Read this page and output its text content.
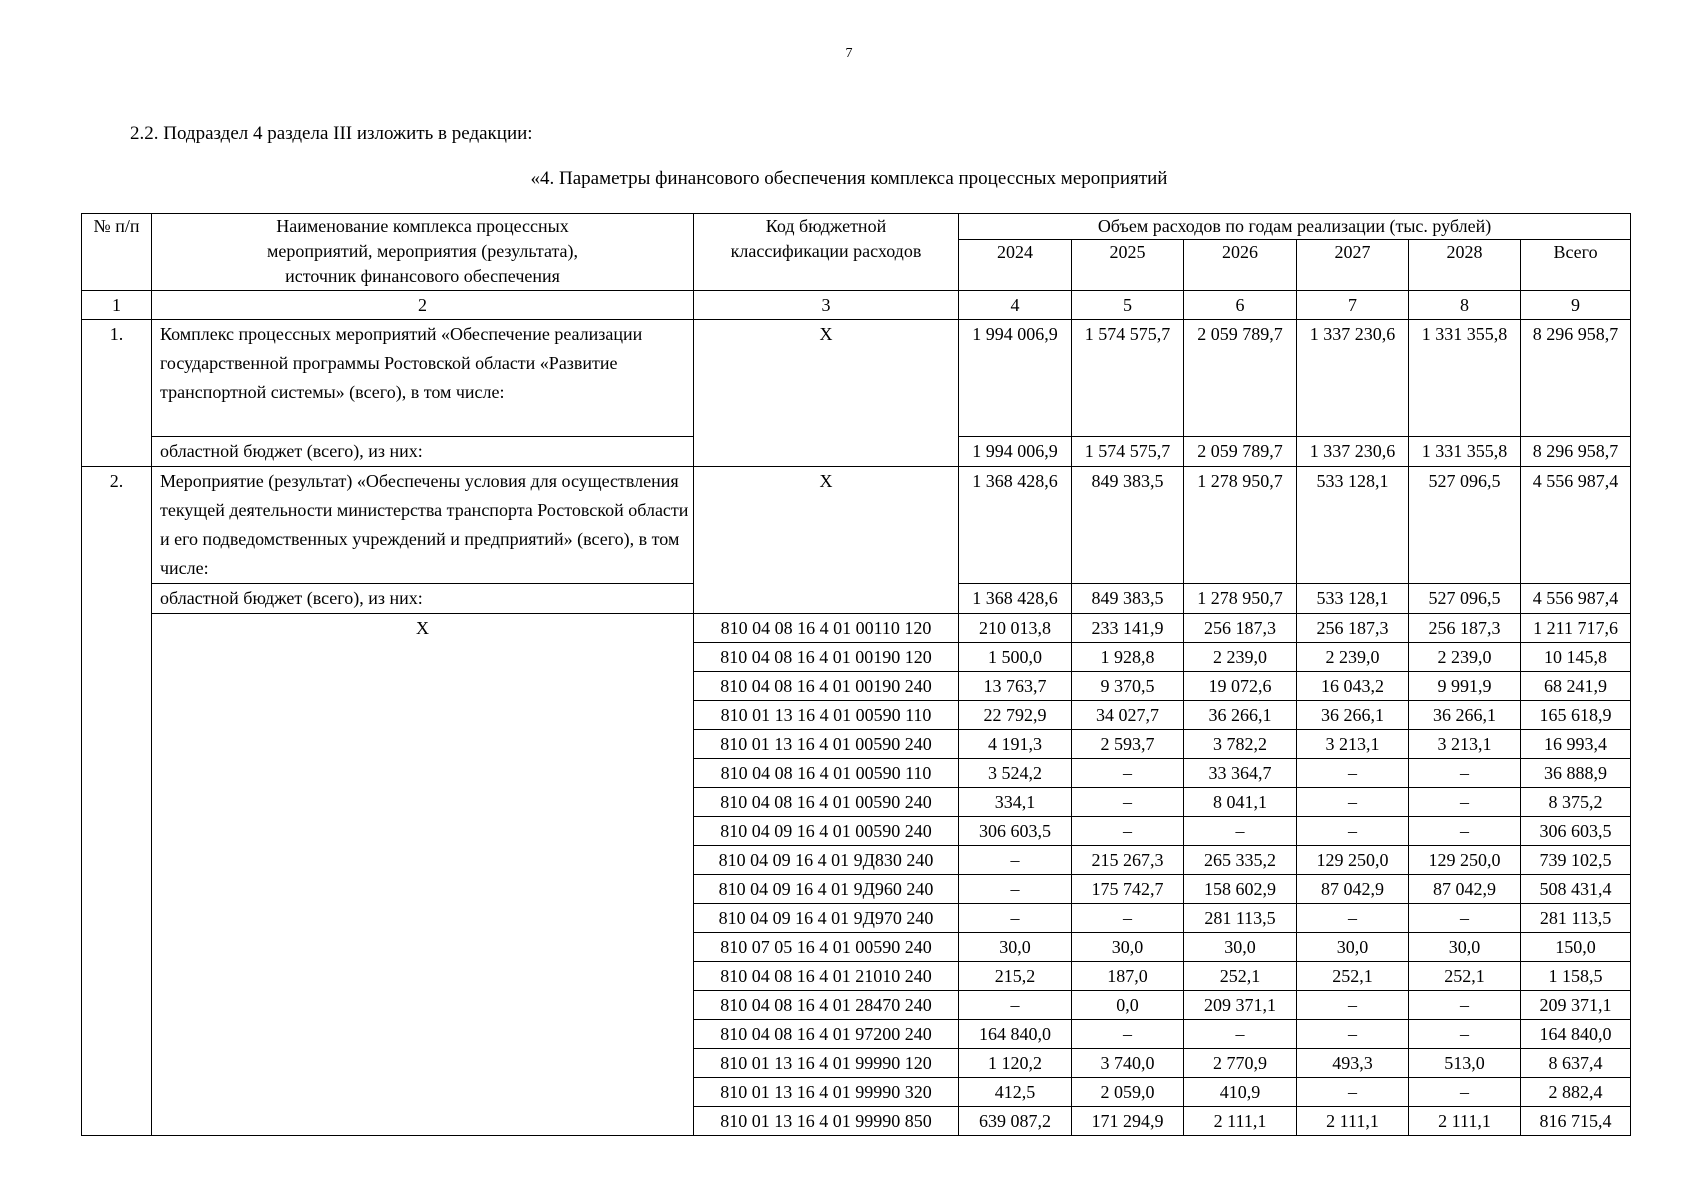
7
2.2. Подраздел 4 раздела III изложить в редакции:
«4. Параметры финансового обеспечения комплекса процессных мероприятий
№ п/п	Наименование комплекса процессных мероприятий, мероприятия (результата), источник финансового обеспечения	Код бюджетной классификации расходов	Объем расходов по годам реализации (тыс. рублей)					
			2024	2025	2026	2027	2028	Всего
1	2	3	4	5	6	7	8	9
1.	Комплекс процессных мероприятий «Обеспечение реализации государственной программы Ростовской области «Развитие транспортной системы» (всего), в том числе:	X	1 994 006,9	1 574 575,7	2 059 789,7	1 337 230,6	1 331 355,8	8 296 958,7
	областной бюджет (всего), из них:		1 994 006,9	1 574 575,7	2 059 789,7	1 337 230,6	1 331 355,8	8 296 958,7
2.	Мероприятие (результат) «Обеспечены условия для осуществления текущей деятельности министерства транспорта Ростовской области и его подведомственных учреждений и предприятий» (всего), в том числе:	X	1 368 428,6	849 383,5	1 278 950,7	533 128,1	527 096,5	4 556 987,4
	областной бюджет (всего), из них:		1 368 428,6	849 383,5	1 278 950,7	533 128,1	527 096,5	4 556 987,4
	X	810 04 08 16 4 01 00110 120	210 013,8	233 141,9	256 187,3	256 187,3	256 187,3	1 211 717,6
		810 04 08 16 4 01 00190 120	1 500,0	1 928,8	2 239,0	2 239,0	2 239,0	10 145,8
		810 04 08 16 4 01 00190 240	13 763,7	9 370,5	19 072,6	16 043,2	9 991,9	68 241,9
		810 01 13 16 4 01 00590 110	22 792,9	34 027,7	36 266,1	36 266,1	36 266,1	165 618,9
		810 01 13 16 4 01 00590 240	4 191,3	2 593,7	3 782,2	3 213,1	3 213,1	16 993,4
		810 04 08 16 4 01 00590 110	3 524,2	–	33 364,7	–	–	36 888,9
		810 04 08 16 4 01 00590 240	334,1	–	8 041,1	–	–	8 375,2
		810 04 09 16 4 01 00590 240	306 603,5	–	–	–	–	306 603,5
		810 04 09 16 4 01 9Д830 240	–	215 267,3	265 335,2	129 250,0	129 250,0	739 102,5
		810 04 09 16 4 01 9Д960 240	–	175 742,7	158 602,9	87 042,9	87 042,9	508 431,4
		810 04 09 16 4 01 9Д970 240	–	–	281 113,5	–	–	281 113,5
		810 07 05 16 4 01 00590 240	30,0	30,0	30,0	30,0	30,0	150,0
		810 04 08 16 4 01 21010 240	215,2	187,0	252,1	252,1	252,1	1 158,5
		810 04 08 16 4 01 28470 240	–	0,0	209 371,1	–	–	209 371,1
		810 04 08 16 4 01 97200 240	164 840,0	–	–	–	–	164 840,0
		810 01 13 16 4 01 99990 120	1 120,2	3 740,0	2 770,9	493,3	513,0	8 637,4
		810 01 13 16 4 01 99990 320	412,5	2 059,0	410,9	–	–	2 882,4
		810 01 13 16 4 01 99990 850	639 087,2	171 294,9	2 111,1	2 111,1	2 111,1	816 715,4
